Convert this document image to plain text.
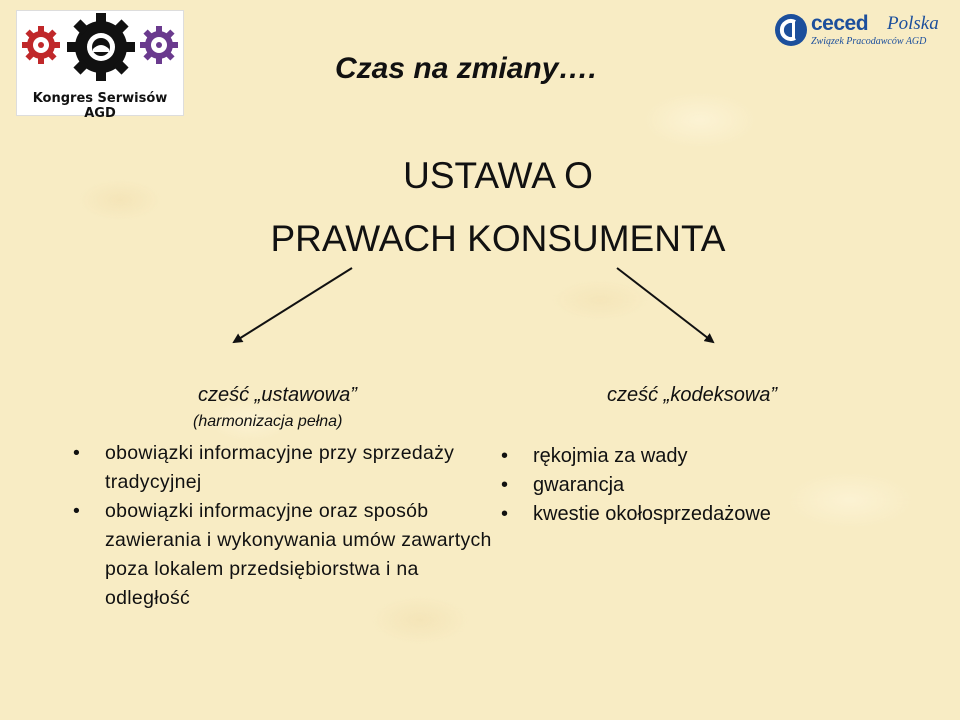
Kongres Serwisów AGD
ceced Polska
Związek Pracodawców AGD
Czas na zmiany….
USTAWA O
PRAWACH KONSUMENTA
cześć „ustawowa”
(harmonizacja pełna)
• obowiązki informacyjne przy sprzedaży tradycyjnej
• obowiązki informacyjne oraz sposób zawierania i wykonywania umów zawartych poza lokalem przedsiębiorstwa i na odległość
cześć „kodeksowa”
• rękojmia za wady
• gwarancja
• kwestie okołosprzedażowe
